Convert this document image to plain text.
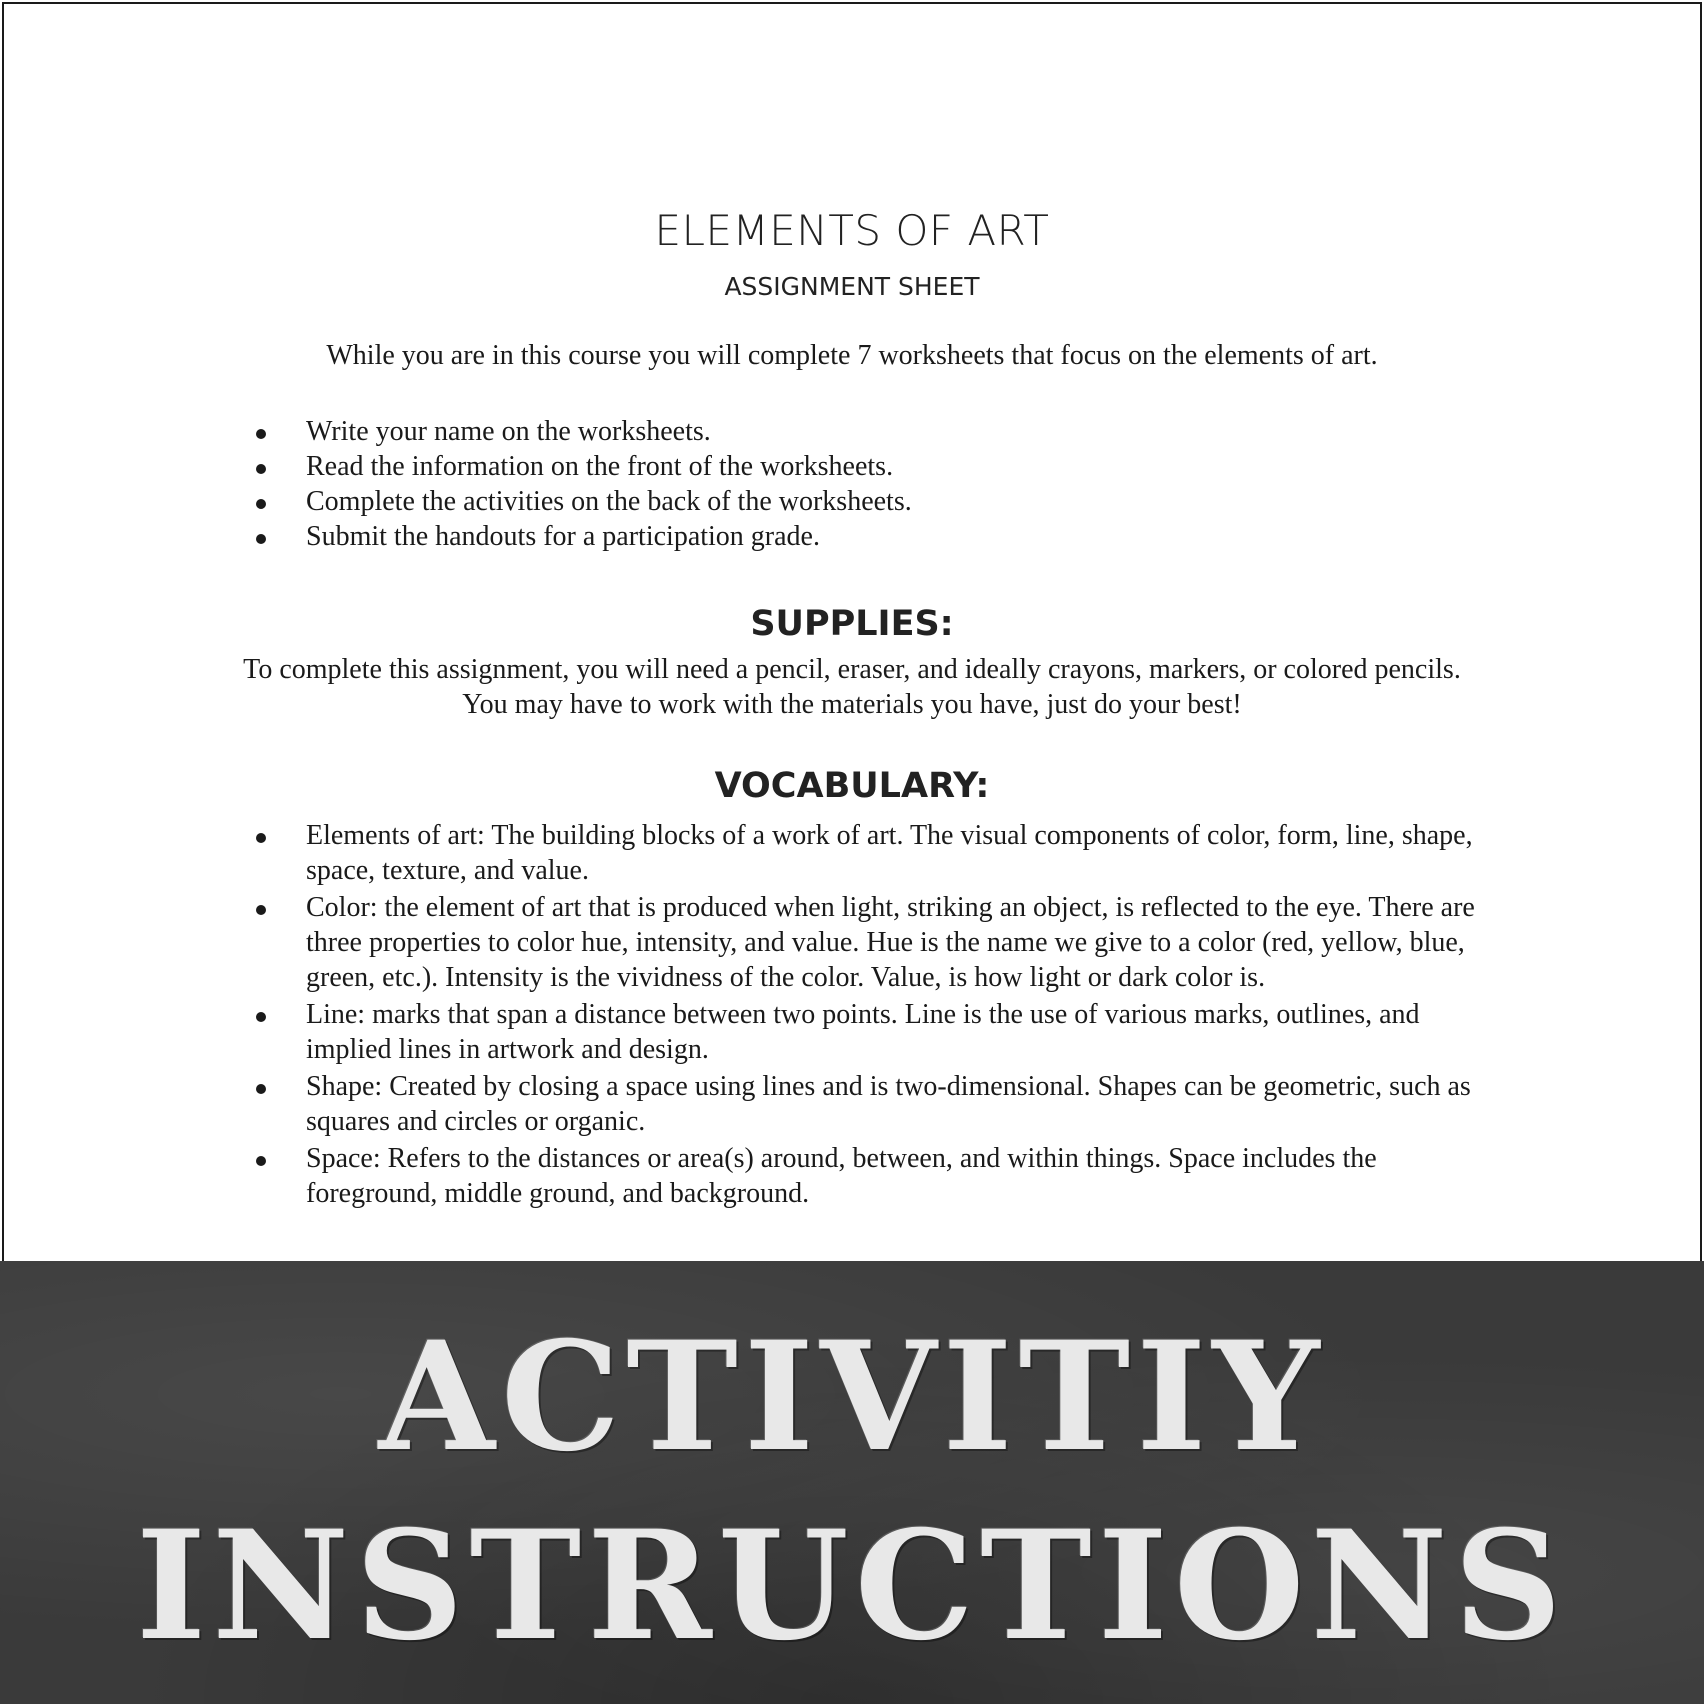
ELEMENTS OF ART

ASSIGNMENT SHEET

While you are in this course you will complete 7 worksheets that focus on the elements of art.

Write your name on the worksheets.
Read the information on the front of the worksheets.
Complete the activities on the back of the worksheets.
Submit the handouts for a participation grade.
SUPPLIES:

To complete this assignment, you will need a pencil, eraser, and ideally crayons, markers, or colored pencils. You may have to work with the materials you have, just do your best!

VOCABULARY:
Elements of art: The building blocks of a work of art. The visual components of color, form, line, shape, space, texture, and value.
Color: the element of art that is produced when light, striking an object, is reflected to the eye. There are three properties to color hue, intensity, and value. Hue is the name we give to a color (red, yellow, blue, green, etc.). Intensity is the vividness of the color. Value, is how light or dark color is.
Line: marks that span a distance between two points. Line is the use of various marks, outlines, and implied lines in artwork and design.
Shape: Created by closing a space using lines and is two-dimensional. Shapes can be geometric, such as squares and circles or organic.
Space: Refers to the distances or area(s) around, between, and within things. Space includes the foreground, middle ground, and background.
ACTIVITIY
INSTRUCTIONS
